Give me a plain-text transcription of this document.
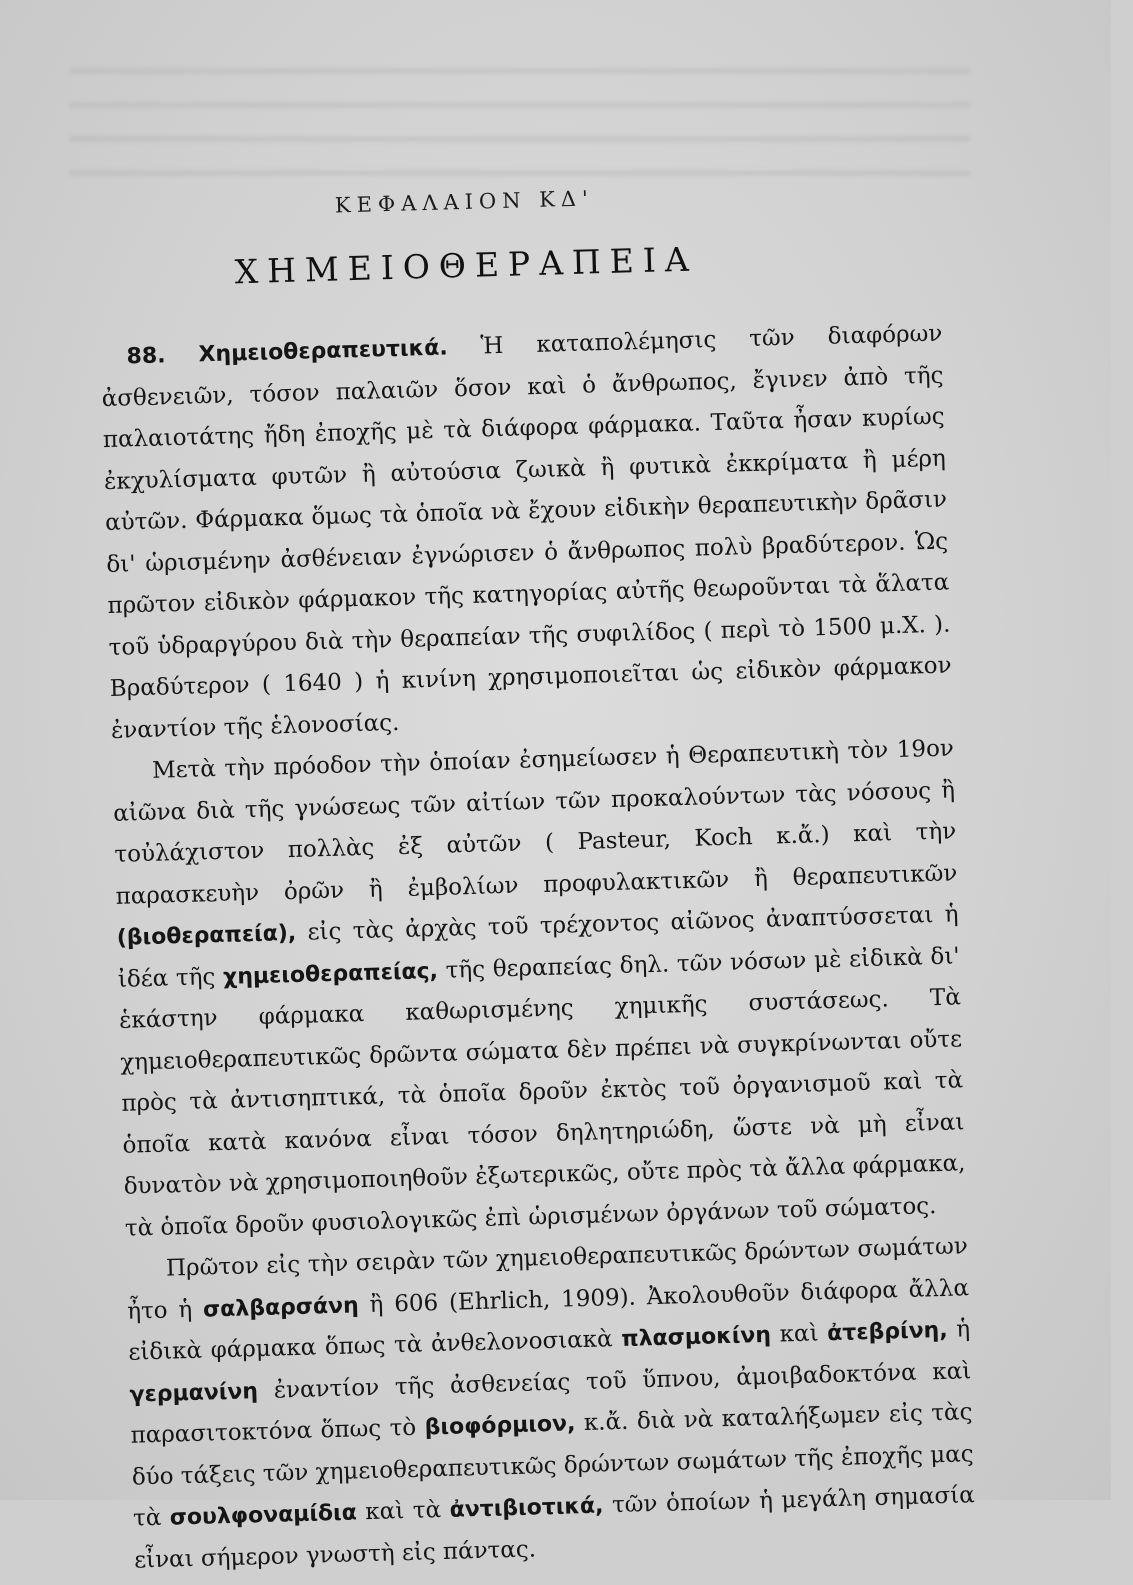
ΚΕΦΑΛΑΙΟΝ ΚΔ'
ΧΗΜΕΙΟΘΕΡΑΠΕΙΑ

88. Χημειοθεραπευτικά. Ἡ καταπολέμησις τῶν διαφόρων ἀσθενειῶν, τόσον παλαιῶν ὅσον καὶ ὁ ἄνθρωπος, ἔγινεν ἀπὸ τῆς παλαιοτάτης ἤδη ἐποχῆς μὲ τὰ διάφορα φάρμακα. Ταῦτα ἦσαν κυρίως ἐκχυλίσματα φυτῶν ἢ αὐτούσια ζωικὰ ἢ φυτικὰ ἐκκρίματα ἢ μέρη αὐτῶν. Φάρμακα ὅμως τὰ ὁποῖα νὰ ἔχουν εἰδικὴν θεραπευτικὴν δρᾶσιν δι' ὡρισμένην ἀσθένειαν ἐγνώρισεν ὁ ἄνθρωπος πολὺ βραδύτερον. Ὡς πρῶτον εἰδικὸν φάρμακον τῆς κατηγορίας αὐτῆς θεωροῦνται τὰ ἅλατα τοῦ ὑδραργύρου διὰ τὴν θεραπείαν τῆς συφιλίδος ( περὶ τὸ 1500 μ.Χ. ). Βραδύτερον ( 1640 ) ἡ κινίνη χρησιμοποιεῖται ὡς εἰδικὸν φάρμακον ἐναντίον τῆς ἑλονοσίας.

Μετὰ τὴν πρόοδον τὴν ὁποίαν ἐσημείωσεν ἡ Θεραπευτικὴ τὸν 19ον αἰῶνα διὰ τῆς γνώσεως τῶν αἰτίων τῶν προκαλούντων τὰς νόσους ἢ τοὐλάχιστον πολλὰς ἐξ αὐτῶν ( Pasteur, Koch κ.ἄ.) καὶ τὴν παρασκευὴν ὀρῶν ἢ ἐμβολίων προφυλακτικῶν ἢ θεραπευτικῶν (βιοθεραπεία), εἰς τὰς ἀρχὰς τοῦ τρέχοντος αἰῶνος ἀναπτύσσεται ἡ ἰδέα τῆς χημειοθεραπείας, τῆς θεραπείας δηλ. τῶν νόσων μὲ εἰδικὰ δι' ἑκάστην φάρμακα καθωρισμένης χημικῆς συστάσεως. Τὰ χημειοθεραπευτικῶς δρῶντα σώματα δὲν πρέπει νὰ συγκρίνωνται οὔτε πρὸς τὰ ἀντισηπτικά, τὰ ὁποῖα δροῦν ἐκτὸς τοῦ ὀργανισμοῦ καὶ τὰ ὁποῖα κατὰ κανόνα εἶναι τόσον δηλητηριώδη, ὥστε νὰ μὴ εἶναι δυνατὸν νὰ χρησιμοποιηθοῦν ἐξωτερικῶς, οὔτε πρὸς τὰ ἄλλα φάρμακα, τὰ ὁποῖα δροῦν φυσιολογικῶς ἐπὶ ὡρισμένων ὀργάνων τοῦ σώματος.

Πρῶτον εἰς τὴν σειρὰν τῶν χημειοθεραπευτικῶς δρώντων σωμάτων ἦτο ἡ σαλβαρσάνη ἢ 606 (Ehrlich, 1909). Ἀκολουθοῦν διάφορα ἄλλα εἰδικὰ φάρμακα ὅπως τὰ ἀνθελονοσιακὰ πλασμοκίνη καὶ ἀτεβρίνη, ἡ γερμανίνη ἐναντίον τῆς ἀσθενείας τοῦ ὕπνου, ἀμοιβαδοκτόνα καὶ παρασιτοκτόνα ὅπως τὸ βιοφόρμιον, κ.ἄ. διὰ νὰ καταλήξωμεν εἰς τὰς δύο τάξεις τῶν χημειοθεραπευτικῶς δρώντων σωμάτων τῆς ἐποχῆς μας τὰ σουλφοναμίδια καὶ τὰ ἀντιβιοτικά, τῶν ὁποίων ἡ μεγάλη σημασία εἶναι σήμερον γνωστὴ εἰς πάντας.
